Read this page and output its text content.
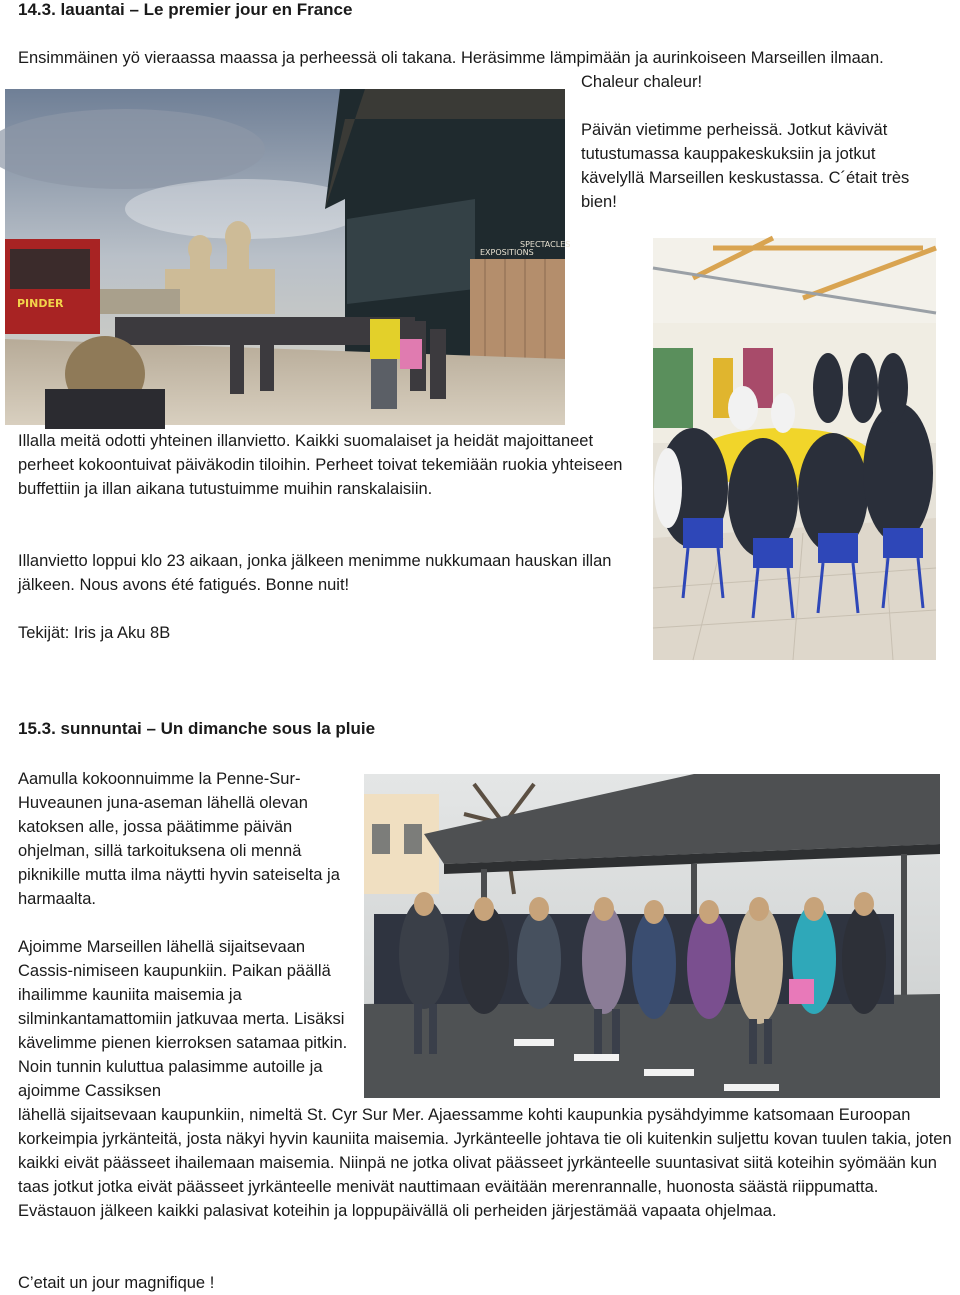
14.3. lauantai – Le premier jour en France
Ensimmäinen yö vieraassa maassa ja perheessä oli takana. Heräsimme lämpimään ja aurinkoiseen Marseillen ilmaan.
Chaleur chaleur!
Päivän vietimme perheissä. Jotkut kävivät tutustumassa kauppakeskuksiin ja jotkut kävelyllä Marseillen keskustassa. C´était très bien!
EXPOSITIONS
SPECTACLES
PINDER
Illalla meitä odotti yhteinen illanvietto. Kaikki suomalaiset ja heidät majoittaneet perheet kokoontuivat päiväkodin tiloihin. Perheet toivat tekemiään ruokia yhteiseen buffettiin ja illan aikana tutustuimme muihin ranskalaisiin.
Illanvietto loppui klo 23 aikaan, jonka jälkeen menimme nukkumaan hauskan illan jälkeen. Nous avons été fatigués. Bonne nuit!
Tekijät: Iris ja Aku 8B
15.3. sunnuntai – Un dimanche sous la pluie
Aamulla kokoonnuimme la Penne-Sur-Huveaunen juna-aseman lähellä olevan katoksen alle, jossa päätimme päivän ohjelman, sillä tarkoituksena oli mennä piknikille mutta ilma näytti hyvin sateiselta ja harmaalta.
Ajoimme Marseillen lähellä sijaitsevaan Cassis-nimiseen kaupunkiin. Paikan päällä ihailimme kauniita maisemia ja silminkantamattomiin jatkuvaa merta. Lisäksi kävelimme pienen kierroksen satamaa pitkin. Noin tunnin kuluttua palasimme autoille ja ajoimme Cassiksen
lähellä sijaitsevaan kaupunkiin, nimeltä St. Cyr Sur Mer. Ajaessamme kohti kaupunkia pysähdyimme katsomaan Euroopan korkeimpia jyrkänteitä, josta näkyi hyvin kauniita maisemia. Jyrkänteelle johtava tie oli kuitenkin suljettu kovan tuulen takia, joten kaikki eivät päässeet ihailemaan maisemia. Niinpä ne jotka olivat päässeet jyrkänteelle suuntasivat siitä koteihin syömään kun taas jotkut jotka eivät päässeet jyrkänteelle menivät nauttimaan eväitään merenrannalle, huonosta säästä riippumatta. Evästauon jälkeen kaikki palasivat koteihin ja loppupäivällä oli perheiden järjestämää vapaata ohjelmaa.
C’etait un jour magnifique !
